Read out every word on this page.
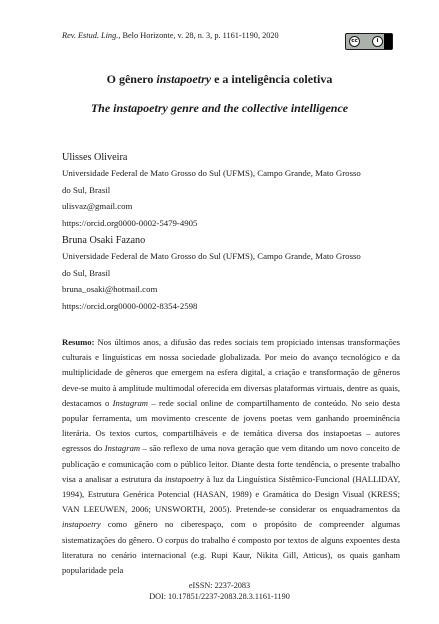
Rev. Estud. Ling., Belo Horizonte, v. 28, n. 3, p. 1161-1190, 2020
cc	i
O gênero instapoetry e a inteligência coletiva
The instapoetry genre and the collective intelligence
Ulisses Oliveira
Universidade Federal de Mato Grosso do Sul (UFMS), Campo Grande, Mato Grosso
do Sul, Brasil
ulisvaz@gmail.com
https://orcid.org0000-0002-5479-4905
Bruna Osaki Fazano
Universidade Federal de Mato Grosso do Sul (UFMS), Campo Grande, Mato Grosso
do Sul, Brasil
bruna_osaki@hotmail.com
https://orcid.org0000-0002-8354-2598
Resumo: Nos últimos anos, a difusão das redes sociais tem propiciado intensas transformações culturais e linguísticas em nossa sociedade globalizada. Por meio do avanço tecnológico e da multiplicidade de gêneros que emergem na esfera digital, a criação e transformação de gêneros deve-se muito à amplitude multimodal oferecida em diversas plataformas virtuais, dentre as quais, destacamos o Instagram – rede social online de compartilhamento de conteúdo. No seio desta popular ferramenta, um movimento crescente de jovens poetas vem ganhando proeminência literária. Os textos curtos, compartilháveis e de temática diversa dos instapoetas – autores egressos do Instagram – são reflexo de uma nova geração que vem ditando um novo conceito de publicação e comunicação com o público leitor. Diante desta forte tendência, o presente trabalho visa a analisar a estrutura da instapoetry à luz da Linguística Sistêmico-Funcional (HALLIDAY, 1994), Estrutura Genérica Potencial (HASAN, 1989) e Gramática do Design Visual (KRESS; VAN LEEUWEN, 2006; UNSWORTH, 2005). Pretende-se considerar os enquadramentos da instapoetry como gênero no ciberespaço, com o propósito de compreender algumas sistematizações do gênero. O corpus do trabalho é composto por textos de alguns expoentes desta literatura no cenário internacional (e.g. Rupi Kaur, Nikita Gill, Atticus), os quais ganham popularidade pela
eISSN: 2237-2083
DOI: 10.17851/2237-2083.28.3.1161-1190
